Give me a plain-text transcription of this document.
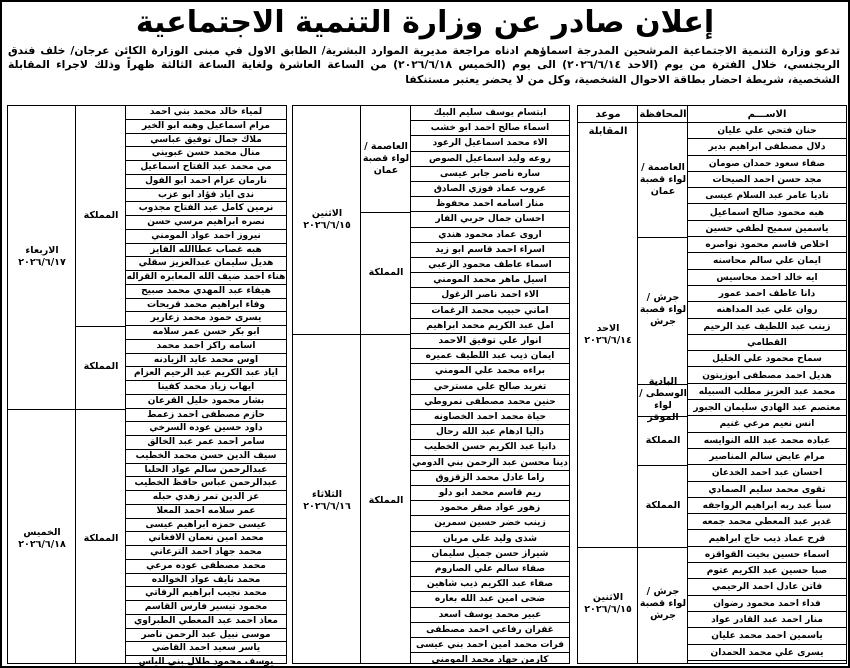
إعلان صادر عن وزارة التنمية الاجتماعية
تدعو وزارة التنمية الاجتماعية المرشحين المدرجة اسماؤهم ادناه مراجعة مديرية الموارد البشرية/ الطابق الاول في مبنى الوزارة الكائن عرجان/ خلف فندق الريجنسي، خلال الفترة من يوم (الاحد ٢٠٢٦/٦/١٤) الى يوم (الخميس ٢٠٢٦/٦/١٨) من الساعة العاشرة ولغاية الساعة الثالثة ظهراً وذلك لاجراء المقابلة الشخصية، شريطة احضار بطاقة الاحوال الشخصية، وكل من لا يحضر يعتبر مستنكفا
الاســـم
المحافظة
موعد المقابلة	حنان فتحي علي عليان
دلال مصطفى ابراهيم بدير
صفاء سعود حمدان صومان
مجد حسن احمد الصيحات
ناديا عامر عبد السلام عيسى
هبه محمود صالح اسماعيل
ياسمين سميح لطفي حسين
اخلاص قاسم محمود نواصره
ايمان علي سالم محاسنه
ايه خالد احمد محاسيس
دانا عاطف احمد عمور
روان علي عبد المداهنه
زينب عبد اللطيف عبد الرحيم
القطامي
سماح محمود علي الخليل
هديل احمد مصطفى ابوزيتون
محمد عبد العزيز مطلب السبيله
معتصم عبد الهادي سليمان الجبور
انس نعيم مرعي غنيم
عباده محمد عبد الله النوايسه
مرام عايض سالم المناصير
احسان عبد احمد الخدعان
تقوى محمد سليم الصمادي
سبأ عبد ربه ابراهيم الرواجفه
غدير عبد المعطي محمد جمعه
فرح عماد ذيب حاج ابراهيم
اسماء حسين بخيت القواقزه
صبا حسين عبد الكريم عتوم
فاتن عادل احمد الرحيمي
فداء احمد محمود رضوان
منار احمد عبد القادر عواد
ياسمين احمد محمد عليان
يسرى علي محمد الحمدان
العاصمة / لواء قصبة عمان
جرش / لواء قصبة جرش
البادية الوسطى / لواء الموقر
المملكة
المملكة
جرش / لواء قصبة جرش
الاحد ٢٠٢٦/٦/١٤
الاثنين ٢٠٢٦/٦/١٥
ابتسام يوسف سليم البيك
اسماء صالح احمد ابو خشب
الاء محمد اسماعيل الرعود
روعه وليد اسماعيل الصوص
ساره ناصر جابر عيسى
عروب عماد فوزي الصادق
منار اسامه احمد محفوظ
احسان جمال حربي الفار
اروى عماد محمود هندي
اسراء احمد قاسم ابو زيد
اسماء عاطف محمود الزعبي
اسيل ماهر محمد المومني
الاء احمد ناصر الزغول
اماني حبيب محمد الرغمات
امل عبد الكريم محمد ابراهيم
انوار علي توفيق الاحمد
ايمان ذيب عبد اللطيف عميره
براءه محمد علي المومني
تغريد صالح علي مسترحي
حنين محمد مصطفى نمروطي
حياة محمد احمد الخصاونه
داليا ادهام عبد الله رحال
دانيا عبد الكريم حسن الخطيب
دينا محسن عبد الرحمن بني الدومي
راما عادل محمد الزقزوق
ريم قاسم محمد ابو دلو
زهور عواد صقر محمود
زينب خضر حسين سمرين
شذى وليد علي مريان
شيراز حسن جميل سليمان
صفاء سالم علي الصاروم
صفاء عبد الكريم ذيب شاهين
ضحى امين عبد الله بعاره
عبير محمد يوسف اسعد
غفران رفاعي احمد مصطفى
فرات محمد امين احمد بني عيسى
كارمن جهاد محمد المومني
العاصمة / لواء قصبة عمان
المملكة
المملكة
الاثنين ٢٠٢٦/٦/١٥
الثلاثاء ٢٠٢٦/٦/١٦
لمياء خالد محمد بني احمد
مرام اسماعيل وهبه ابو الخير
ملاك جمال توفيق عباسي
منال محمد حسن عبويني
مي محمد عبد الفتاح اسماعيل
نارمان عزام احمد ابو الفول
ندى اياد فؤاد ابو عزب
نرمين كامل عبد الفتاح مجذوب
نصره ابراهيم مرسي حسن
نيروز احمد عواد المومني
هبه غصاب عطاالله الفايز
هديل سليمان عبدالعزيز سقلي
هناء احمد ضيف الله المعابره القراله
هيفاء عبد المهدي محمد صبيح
وفاء ابراهيم محمد قريحات
يسرى حمود محمد زعارير
ابو بكر حسن عمر سلامه
اسامه راكز احمد محمد
اوس محمد عايد الزيادنه
اياد عبد الكريم عبد الرحيم العزام
ايهاب زياد محمد كفينا
بشار محمود خليل القرعان
حازم مصطفى احمد زعمط
داود حسين عوده السرخي
سامر احمد عمر عبد الخالق
سيف الدين حسن محمد الخطيب
عبدالرحمن سالم عواد الحلبا
عبدالرحمن عباس حافظ الخطيب
عز الدين تمر زهدي حبله
عمر سلامه احمد المعلا
عيسى حمزه ابراهيم عيسى
محمد امين نعمان الافغاني
محمد جهاد احمد الترعاني
محمد مصطفى عوده مرعي
محمد نايف عواد الخوالده
محمد نجيب ابراهيم الرفاتي
محمود تيسير فارس القاسم
معاذ احمد عبد المعطي الطبراوي
موسى نبيل عبد الرحمن ناصر
ياسر سعيد احمد القاضي
يوسف محمود طلال بني الياس
المملكة
المملكة
المملكة
الاربعاء ٢٠٢٦/٦/١٧
الخميس ٢٠٢٦/٦/١٨
